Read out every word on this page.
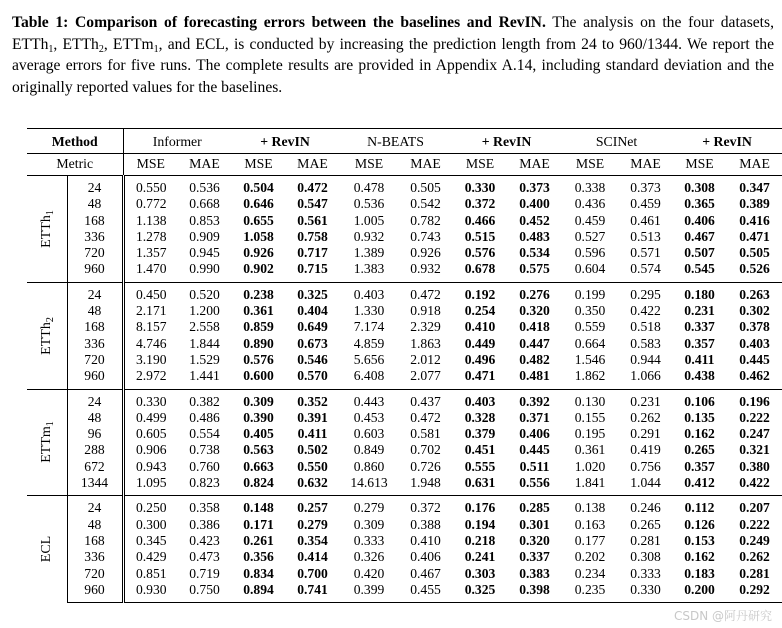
Table 1: Comparison of forecasting errors between the baselines and RevIN. The analysis on the four datasets, ETTh$_1$, ETTh$_2$, ETTm$_1$, and ECL, is conducted by increasing the prediction length from 24 to 960/1344. We report the average errors for five runs. The complete results are provided in Appendix A.14, including standard deviation and the originally reported values for the baselines.
Method		Informer		+ RevIN		N-BEATS		+ RevIN		SCINet		+ RevIN	
Metric		MSE	MAE	MSE	MAE	MSE	MAE	MSE	MAE	MSE	MAE	MSE	MAE

ETTh$_1$	24	0.550	0.536	0.504	0.472	0.478	0.505	0.330	0.373	0.338	0.373	0.308	0.347
	48	0.772	0.668	0.646	0.547	0.536	0.542	0.372	0.400	0.436	0.459	0.365	0.389
	168	1.138	0.853	0.655	0.561	1.005	0.782	0.466	0.452	0.459	0.461	0.406	0.416
	336	1.278	0.909	1.058	0.758	0.932	0.743	0.515	0.483	0.527	0.513	0.467	0.471
	720	1.357	0.945	0.926	0.717	1.389	0.926	0.576	0.534	0.596	0.571	0.507	0.505
	960	1.470	0.990	0.902	0.715	1.383	0.932	0.678	0.575	0.604	0.574	0.545	0.526

ETTh$_2$	24	0.450	0.520	0.238	0.325	0.403	0.472	0.192	0.276	0.199	0.295	0.180	0.263
	48	2.171	1.200	0.361	0.404	1.330	0.918	0.254	0.320	0.350	0.422	0.231	0.302
	168	8.157	2.558	0.859	0.649	7.174	2.329	0.410	0.418	0.559	0.518	0.337	0.378
	336	4.746	1.844	0.890	0.673	4.859	1.863	0.449	0.447	0.664	0.583	0.357	0.403
	720	3.190	1.529	0.576	0.546	5.656	2.012	0.496	0.482	1.546	0.944	0.411	0.445
	960	2.972	1.441	0.600	0.570	6.408	2.077	0.471	0.481	1.862	1.066	0.438	0.462

ETTm$_1$	24	0.330	0.382	0.309	0.352	0.443	0.437	0.403	0.392	0.130	0.231	0.106	0.196
	48	0.499	0.486	0.390	0.391	0.453	0.472	0.328	0.371	0.155	0.262	0.135	0.222
	96	0.605	0.554	0.405	0.411	0.603	0.581	0.379	0.406	0.195	0.291	0.162	0.247
	288	0.906	0.738	0.563	0.502	0.849	0.702	0.451	0.445	0.361	0.419	0.265	0.321
	672	0.943	0.760	0.663	0.550	0.860	0.726	0.555	0.511	1.020	0.756	0.357	0.380
	1344	1.095	0.823	0.824	0.632	14.613	1.948	0.631	0.556	1.841	1.044	0.412	0.422

ECL	24	0.250	0.358	0.148	0.257	0.279	0.372	0.176	0.285	0.138	0.246	0.112	0.207
	48	0.300	0.386	0.171	0.279	0.309	0.388	0.194	0.301	0.163	0.265	0.126	0.222
	168	0.345	0.423	0.261	0.354	0.333	0.410	0.218	0.320	0.177	0.281	0.153	0.249
	336	0.429	0.473	0.356	0.414	0.326	0.406	0.241	0.337	0.202	0.308	0.162	0.262
	720	0.851	0.719	0.834	0.700	0.420	0.467	0.303	0.383	0.234	0.333	0.183	0.281
	960	0.930	0.750	0.894	0.741	0.399	0.455	0.325	0.398	0.235	0.330	0.200	0.292
CSDN @阿丹研究
